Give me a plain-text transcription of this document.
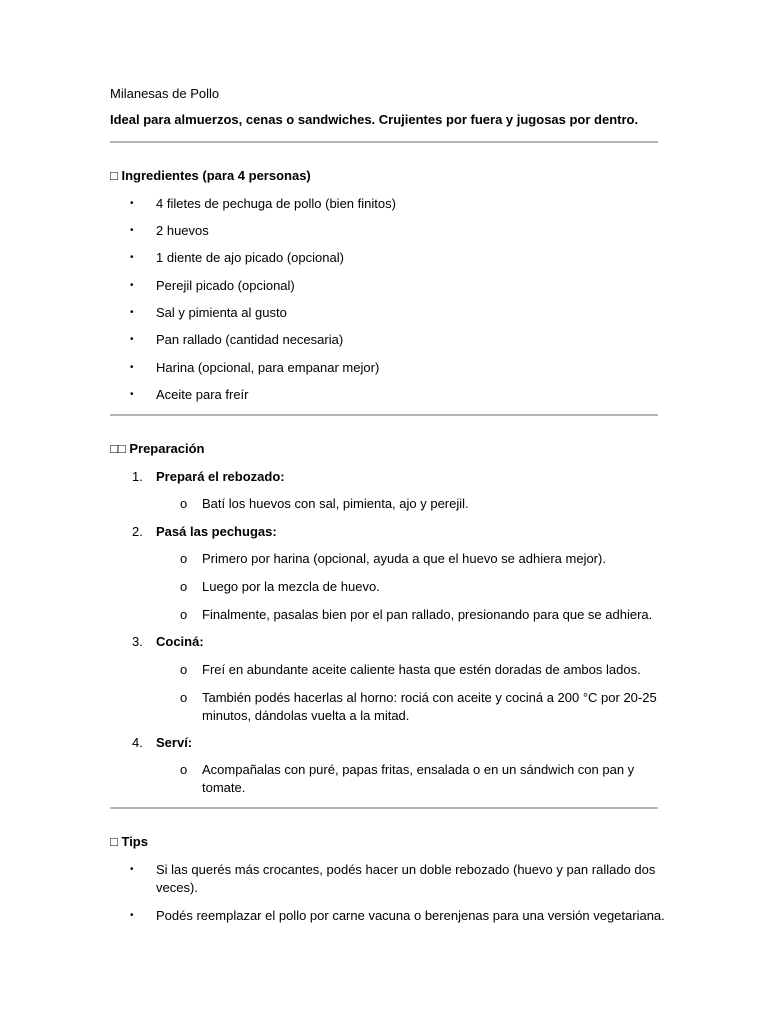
Milanesas de Pollo
Ideal para almuerzos, cenas o sandwiches. Crujientes por fuera y jugosas por dentro.
□ Ingredientes (para 4 personas)
• 4 filetes de pechuga de pollo (bien finitos)
• 2 huevos
• 1 diente de ajo picado (opcional)
• Perejil picado (opcional)
• Sal y pimienta al gusto
• Pan rallado (cantidad necesaria)
• Harina (opcional, para empanar mejor)
• Aceite para freír
□□ Preparación
1. Prepará el rebozado:
o Batí los huevos con sal, pimienta, ajo y perejil.
2. Pasá las pechugas:
o Primero por harina (opcional, ayuda a que el huevo se adhiera mejor).
o Luego por la mezcla de huevo.
o Finalmente, pasalas bien por el pan rallado, presionando para que se adhiera.
3. Cociná:
o Freí en abundante aceite caliente hasta que estén doradas de ambos lados.
o También podés hacerlas al horno: rociá con aceite y cociná a 200 °C por 20-25
minutos, dándolas vuelta a la mitad.
4. Serví:
o Acompañalas con puré, papas fritas, ensalada o en un sándwich con pan y
tomate.
□ Tips
• Si las querés más crocantes, podés hacer un doble rebozado (huevo y pan rallado dos
veces).
• Podés reemplazar el pollo por carne vacuna o berenjenas para una versión vegetariana.
